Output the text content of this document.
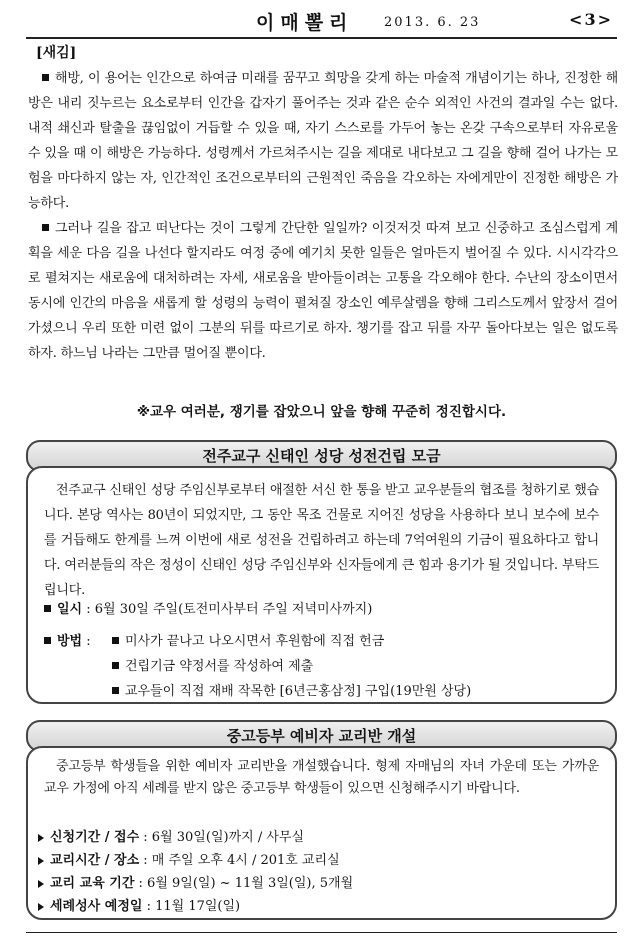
이매뽈리 2013. 6. 23	<3>
[새김]

해방, 이 용어는 인간으로 하여금 미래를 꿈꾸고 희망을 갖게 하는 마술적 개념이기는 하나, 진정한 해방은 내리 짓누르는 요소로부터 인간을 갑자기 풀어주는 것과 같은 순수 외적인 사건의 결과일 수는 없다. 내적 쇄신과 탈출을 끊임없이 거듭할 수 있을 때, 자기 스스로를 가두어 놓는 온갖 구속으로부터 자유로울 수 있을 때 이 해방은 가능하다. 성령께서 가르쳐주시는 길을 제대로 내다보고 그 길을 향해 걸어 나가는 모험을 마다하지 않는 자, 인간적인 조건으로부터의 근원적인 죽음을 각오하는 자에게만이 진정한 해방은 가능하다.

그러나 길을 잡고 떠난다는 것이 그렇게 간단한 일일까? 이것저것 따져 보고 신중하고 조심스럽게 계획을 세운 다음 길을 나선다 할지라도 여정 중에 예기치 못한 일들은 얼마든지 벌어질 수 있다. 시시각각으로 펼쳐지는 새로움에 대처하려는 자세, 새로움을 받아들이려는 고통을 각오해야 한다. 수난의 장소이면서 동시에 인간의 마음을 새롭게 할 성령의 능력이 펼쳐질 장소인 예루살렘을 향해 그리스도께서 앞장서 걸어가셨으니 우리 또한 미련 없이 그분의 뒤를 따르기로 하자. 챙기를 잡고 뒤를 자꾸 돌아다보는 일은 없도록 하자. 하느님 나라는 그만큼 멀어질 뿐이다.

※교우 여러분, 쟁기를 잡았으니 앞을 향해 꾸준히 정진합시다.
전주교구 신태인 성당 성전건립 모금

전주교구 신태인 성당 주임신부로부터 애절한 서신 한 통을 받고 교우분들의 협조를 청하기로 했습니다. 본당 역사는 80년이 되었지만, 그 동안 목조 건물로 지어진 성당을 사용하다 보니 보수에 보수를 거듭해도 한계를 느껴 이번에 새로 성전을 건립하려고 하는데 7억여원의 기금이 필요하다고 합니다. 여러분들의 작은 정성이 신태인 성당 주임신부와 신자들에게 큰 힘과 용기가 될 것입니다. 부탁드립니다.

일시 : 6월 30일 주일(토전미사부터 주일 저녁미사까지)
방법 :	미사가 끝나고 나오시면서 후원함에 직접 헌금
건립기금 약정서를 작성하여 제출
교우들이 직접 재배 작목한 [6년근홍삼정] 구입(19만원 상당)
중고등부 예비자 교리반 개설

중고등부 학생들을 위한 예비자 교리반을 개설했습니다. 형제 자매님의 자녀 가운데 또는 가까운 교우 가정에 아직 세례를 받지 않은 중고등부 학생들이 있으면 신청해주시기 바랍니다.

신청기간 / 접수 : 6월 30일(일)까지 / 사무실
교리시간 / 장소 : 매 주일 오후 4시 / 201호 교리실
교리 교육 기간 : 6월 9일(일) ~ 11월 3일(일), 5개월
세례성사 예정일 : 11월 17일(일)
